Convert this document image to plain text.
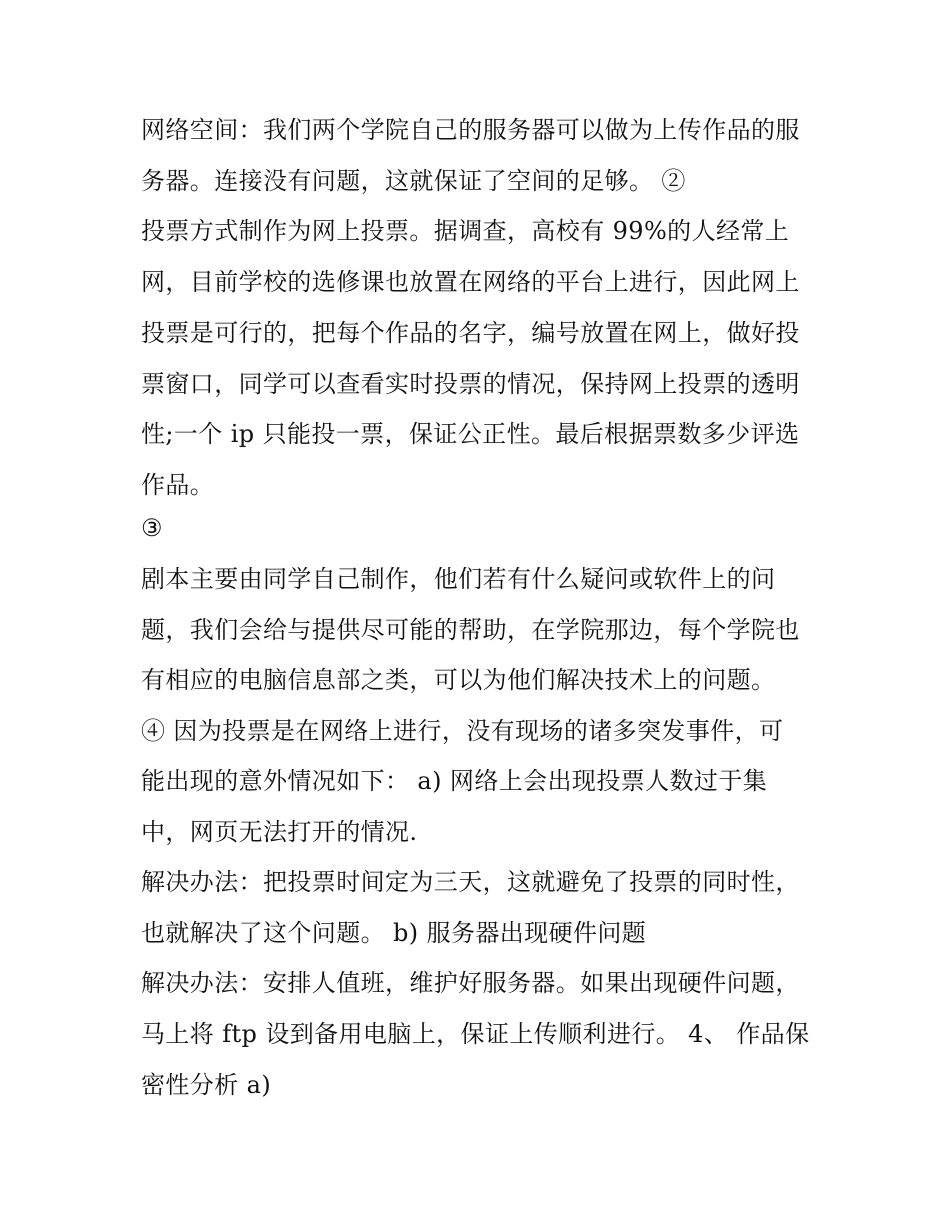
网络空间：我们两个学院自己的服务器可以做为上传作品的服
务器。连接没有问题，这就保证了空间的足够。 ②
投票方式制作为网上投票。据调查，高校有 99%的人经常上
网，目前学校的选修课也放置在网络的平台上进行，因此网上
投票是可行的，把每个作品的名字，编号放置在网上，做好投
票窗口，同学可以查看实时投票的情况，保持网上投票的透明
性;一个 ip 只能投一票，保证公正性。最后根据票数多少评选
作品。
③
剧本主要由同学自己制作，他们若有什么疑问或软件上的问
题，我们会给与提供尽可能的帮助，在学院那边，每个学院也
有相应的电脑信息部之类，可以为他们解决技术上的问题。
④ 因为投票是在网络上进行，没有现场的诸多突发事件，可
能出现的意外情况如下： a) 网络上会出现投票人数过于集
中，网页无法打开的情况.
解决办法：把投票时间定为三天，这就避免了投票的同时性，
也就解决了这个问题。 b) 服务器出现硬件问题
解决办法：安排人值班，维护好服务器。如果出现硬件问题，
马上将 ftp 设到备用电脑上，保证上传顺利进行。 4、 作品保
密性分析 a)
